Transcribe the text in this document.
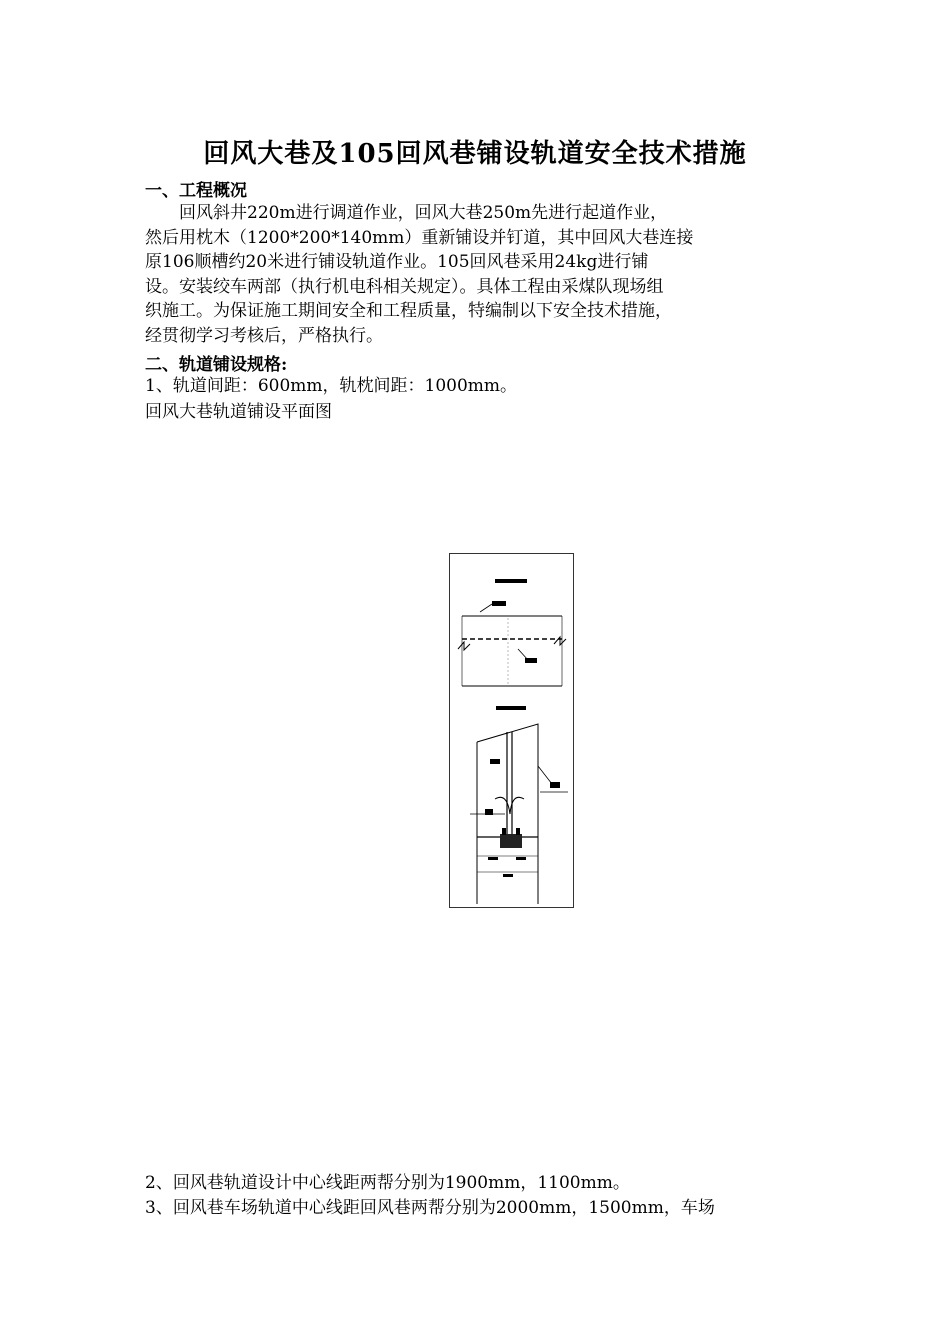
回风大巷及105回风巷铺设轨道安全技术措施
一、工程概况
　　回风斜井220m进行调道作业，回风大巷250m先进行起道作业，
然后用枕木（1200*200*140mm）重新铺设并钉道，其中回风大巷连接
原106顺槽约20米进行铺设轨道作业。105回风巷采用24kg进行铺
设。安装绞车两部（执行机电科相关规定）。具体工程由采煤队现场组
织施工。为保证施工期间安全和工程质量，特编制以下安全技术措施，
经贯彻学习考核后，严格执行。
二、轨道铺设规格:
1、轨道间距：600mm，轨枕间距：1000mm。
回风大巷轨道铺设平面图
2、回风巷轨道设计中心线距两帮分别为1900mm，1100mm。
3、回风巷车场轨道中心线距回风巷两帮分别为2000mm，1500mm，车场
